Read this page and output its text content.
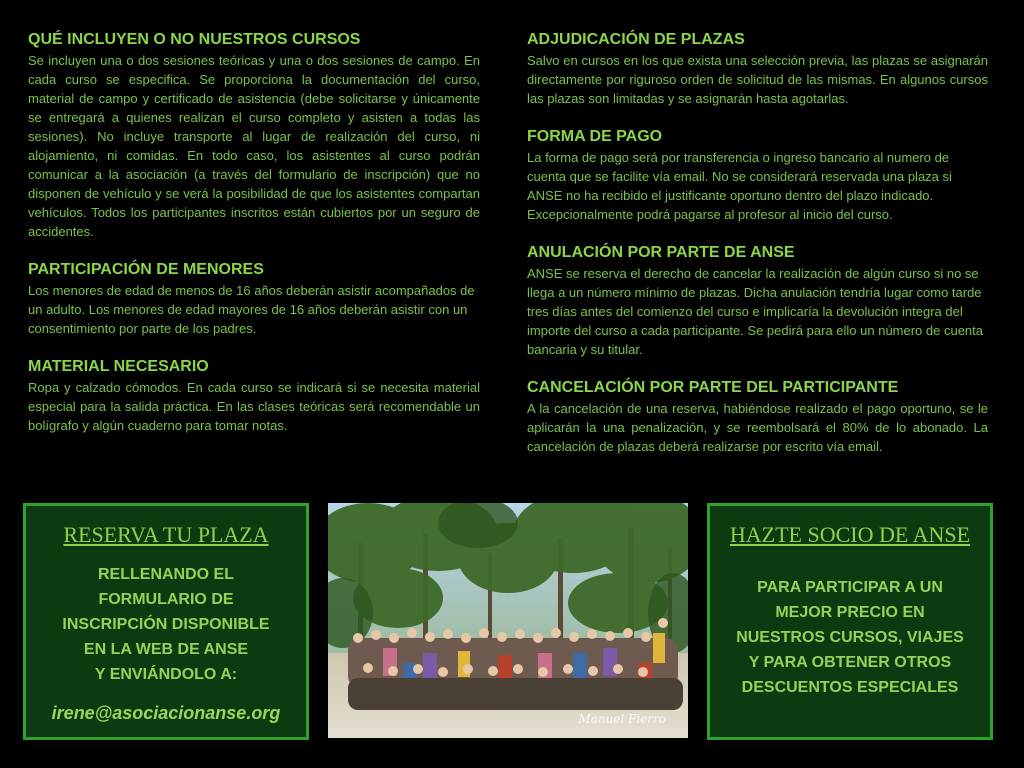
QUÉ INCLUYEN O NO NUESTROS CURSOS

Se incluyen una o dos sesiones teóricas y una o dos sesiones de campo. En cada curso se especifica. Se proporciona la documentación del curso, material de campo y certificado de asistencia (debe solicitarse y únicamente se entregará a quienes realizan el curso completo y asisten a todas las sesiones). No incluye transporte al lugar de realización del curso, ni alojamiento, ni comidas. En todo caso, los asistentes al curso podrán comunicar a la asociación (a través del formulario de inscripción) que no disponen de vehículo y se verá la posibilidad de que los asistentes compartan vehículos. Todos los participantes inscritos están cubiertos por un seguro de accidentes.

PARTICIPACIÓN DE MENORES

Los menores de edad de menos de 16 años deberán asistir acompañados de un adulto. Los menores de edad mayores de 16 años deberán asistir con un consentimiento por parte de los padres.

MATERIAL NECESARIO

Ropa y calzado cómodos. En cada curso se indicará si se necesita material especial para la salida práctica. En las clases teóricas será recomendable un bolígrafo y algún cuaderno para tomar notas.

ADJUDICACIÓN DE PLAZAS

Salvo en cursos en los que exista una selección previa, las plazas se asignarán directamente por riguroso orden de solicitud de las mismas. En algunos cursos las plazas son limitadas y se asignarán hasta agotarlas.

FORMA DE PAGO

La forma de pago será por transferencia o ingreso bancario al numero de cuenta que se facilite vía email. No se considerará reservada una plaza si ANSE no ha recibido el justificante oportuno dentro del plazo indicado. Excepcionalmente podrá pagarse al profesor al inicio del curso.

ANULACIÓN POR PARTE DE ANSE

ANSE se reserva el derecho de cancelar la realización de algún curso si no se llega a un número mínimo de plazas. Dicha anulación tendría lugar como tarde tres días antes del comienzo del curso e implicaría la devolución integra del importe del curso a cada participante. Se pedirá para ello un número de cuenta bancaria y su titular.

CANCELACIÓN POR PARTE DEL PARTICIPANTE

A la cancelación de una reserva, habiéndose realizado el pago oportuno, se le aplicarán la una penalización, y se reembolsará el 80% de lo abonado. La cancelación de plazas deberá realizarse por escrito vía email.

RESERVA TU PLAZA
RELLENANDO EL
FORMULARIO DE
INSCRIPCIÓN DISPONIBLE
EN LA WEB DE ANSE
Y ENVIÁNDOLO A:
irene@asociacionanse.org	Manuel Fierro
HAZTE SOCIO DE ANSE
PARA PARTICIPAR A UN
MEJOR PRECIO EN
NUESTROS CURSOS, VIAJES
Y PARA OBTENER OTROS
DESCUENTOS ESPECIALES
